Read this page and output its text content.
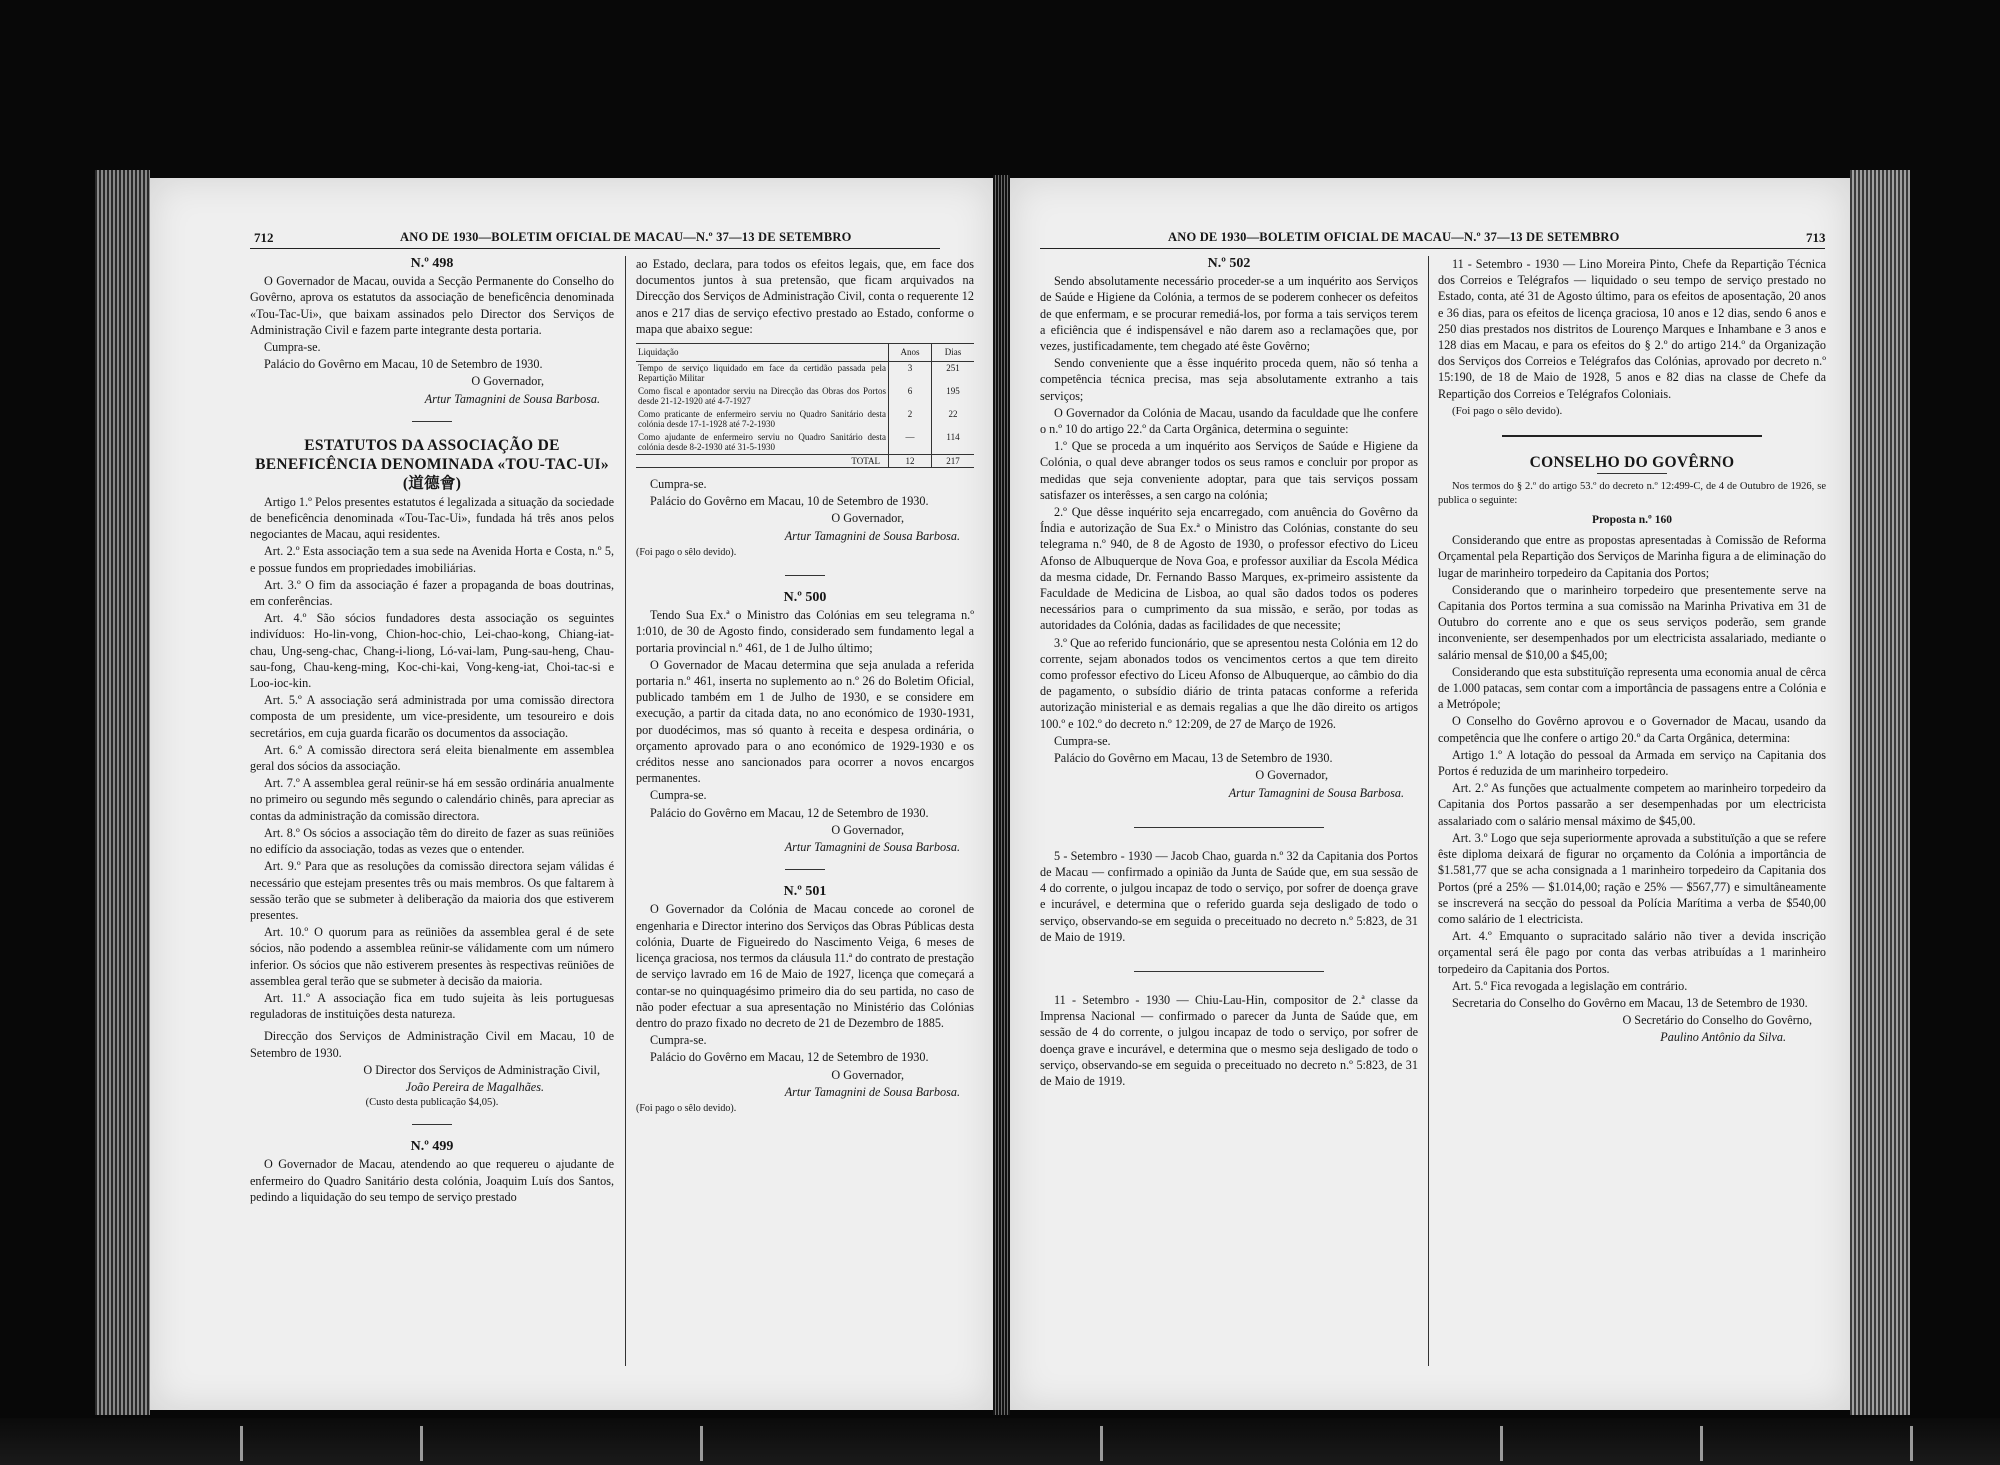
712	ANO DE 1930—BOLETIM OFICIAL DE MACAU—N.º 37—13 DE SETEMBRO

N.º 498

O Governador de Macau, ouvida a Secção Permanente do Conselho do Govêrno, aprova os estatutos da associação de beneficência denominada «Tou-Tac-Ui», que baixam assinados pelo Director dos Serviços de Administração Civil e fazem parte integrante desta portaria.

Cumpra-se.

Palácio do Govêrno em Macau, 10 de Setembro de 1930.

O Governador,

Artur Tamagnini de Sousa Barbosa.

ESTATUTOS DA ASSOCIAÇÃO DE BENEFICÊNCIA DENOMINADA «TOU-TAC-UI» (道德會)

Artigo 1.º Pelos presentes estatutos é legalizada a situação da sociedade de beneficência denominada «Tou-Tac-Ui», fundada há três anos pelos negociantes de Macau, aqui residentes.

Art. 2.º Esta associação tem a sua sede na Avenida Horta e Costa, n.º 5, e possue fundos em propriedades imobiliárias.

Art. 3.º O fim da associação é fazer a propaganda de boas doutrinas, em conferências.

Art. 4.º São sócios fundadores desta associação os seguintes indivíduos: Ho-lin-vong, Chion-hoc-chio, Lei-chao-kong, Chiang-iat-chau, Ung-seng-chac, Chang-i-liong, Ló-vai-lam, Pung-sau-heng, Chau-sau-fong, Chau-keng-ming, Koc-chi-kai, Vong-keng-iat, Choi-tac-si e Loo-ioc-kin.

Art. 5.º A associação será administrada por uma comissão directora composta de um presidente, um vice-presidente, um tesoureiro e dois secretários, em cuja guarda ficarão os documentos da associação.

Art. 6.º A comissão directora será eleita bienalmente em assemblea geral dos sócios da associação.

Art. 7.º A assemblea geral reünir-se há em sessão ordinária anualmente no primeiro ou segundo mês segundo o calendário chinês, para apreciar as contas da administração da comissão directora.

Art. 8.º Os sócios a associação têm do direito de fazer as suas reüniões no edifício da associação, todas as vezes que o entender.

Art. 9.º Para que as resoluções da comissão directora sejam válidas é necessário que estejam presentes três ou mais membros. Os que faltarem à sessão terão que se submeter à deliberação da maioria dos que estiverem presentes.

Art. 10.º O quorum para as reüniões da assemblea geral é de sete sócios, não podendo a assemblea reünir-se válidamente com um número inferior. Os sócios que não estiverem presentes às respectivas reüniões de assemblea geral terão que se submeter à decisão da maioria.

Art. 11.º A associação fica em tudo sujeita às leis portuguesas reguladoras de instituições desta natureza.

Direcção dos Serviços de Administração Civil em Macau, 10 de Setembro de 1930.

O Director dos Serviços de Administração Civil,

João Pereira de Magalhães.

(Custo desta publicação $4,05).

N.º 499

O Governador de Macau, atendendo ao que requereu o ajudante de enfermeiro do Quadro Sanitário desta colónia, Joaquim Luís dos Santos, pedindo a liquidação do seu tempo de serviço prestado

ao Estado, declara, para todos os efeitos legais, que, em face dos documentos juntos à sua pretensão, que ficam arquivados na Direcção dos Serviços de Administração Civil, conta o requerente 12 anos e 217 dias de serviço efectivo prestado ao Estado, conforme o mapa que abaixo segue:

Liquidação	Anos	Dias
Tempo de serviço liquidado em face da certidão passada pela Repartição Militar	3	251
Como fiscal e apontador serviu na Direcção das Obras dos Portos desde 21-12-1920 até 4-7-1927	6	195
Como praticante de enfermeiro serviu no Quadro Sanitário desta colónia desde 17-1-1928 até 7-2-1930	2	22
Como ajudante de enfermeiro serviu no Quadro Sanitário desta colónia desde 8-2-1930 até 31-5-1930	—	114
TOTAL	12	217

Cumpra-se.

Palácio do Govêrno em Macau, 10 de Setembro de 1930.

O Governador,

Artur Tamagnini de Sousa Barbosa.

(Foi pago o sêlo devido).

N.º 500

Tendo Sua Ex.ª o Ministro das Colónias em seu telegrama n.º 1:010, de 30 de Agosto findo, considerado sem fundamento legal a portaria provincial n.º 461, de 1 de Julho último;

O Governador de Macau determina que seja anulada a referida portaria n.º 461, inserta no suplemento ao n.º 26 do Boletim Oficial, publicado também em 1 de Julho de 1930, e se considere em execução, a partir da citada data, no ano económico de 1930-1931, por duodécimos, mas só quanto à receita e despesa ordinária, o orçamento aprovado para o ano económico de 1929-1930 e os créditos nesse ano sancionados para ocorrer a novos encargos permanentes.

Cumpra-se.

Palácio do Govêrno em Macau, 12 de Setembro de 1930.

O Governador,

Artur Tamagnini de Sousa Barbosa.

N.º 501

O Governador da Colónia de Macau concede ao coronel de engenharia e Director interino dos Serviços das Obras Públicas desta colónia, Duarte de Figueiredo do Nascimento Veiga, 6 meses de licença graciosa, nos termos da cláusula 11.ª do contrato de prestação de serviço lavrado em 16 de Maio de 1927, licença que começará a contar-se no quinquagésimo primeiro dia do seu partida, no caso de não poder efectuar a sua apresentação no Ministério das Colónias dentro do prazo fixado no decreto de 21 de Dezembro de 1885.

Cumpra-se.

Palácio do Govêrno em Macau, 12 de Setembro de 1930.

O Governador,

Artur Tamagnini de Sousa Barbosa.

(Foi pago o sêlo devido).

ANO DE 1930—BOLETIM OFICIAL DE MACAU—N.º 37—13 DE SETEMBRO	713

N.º 502

Sendo absolutamente necessário proceder-se a um inquérito aos Serviços de Saúde e Higiene da Colónia, a termos de se poderem conhecer os defeitos de que enfermam, e se procurar remediá-los, por forma a tais serviços terem a eficiência que é indispensável e não darem aso a reclamações que, por vezes, justificadamente, tem chegado até êste Govêrno;

Sendo conveniente que a êsse inquérito proceda quem, não só tenha a competência técnica precisa, mas seja absolutamente extranho a tais serviços;

O Governador da Colónia de Macau, usando da faculdade que lhe confere o n.º 10 do artigo 22.º da Carta Orgânica, determina o seguinte:

1.º Que se proceda a um inquérito aos Serviços de Saúde e Higiene da Colónia, o qual deve abranger todos os seus ramos e concluir por propor as medidas que seja conveniente adoptar, para que tais serviços possam satisfazer os interêsses, a sen cargo na colónia;

2.º Que dêsse inquérito seja encarregado, com anuência do Govêrno da Índia e autorização de Sua Ex.ª o Ministro das Colónias, constante do seu telegrama n.º 940, de 8 de Agosto de 1930, o professor efectivo do Liceu Afonso de Albuquerque de Nova Goa, e professor auxiliar da Escola Médica da mesma cidade, Dr. Fernando Basso Marques, ex-primeiro assistente da Faculdade de Medicina de Lisboa, ao qual são dados todos os poderes necessários para o cumprimento da sua missão, e serão, por todas as autoridades da Colónia, dadas as facilidades de que necessite;

3.º Que ao referido funcionário, que se apresentou nesta Colónia em 12 do corrente, sejam abonados todos os vencimentos certos a que tem direito como professor efectivo do Liceu Afonso de Albuquerque, ao câmbio do dia de pagamento, o subsídio diário de trinta patacas conforme a referida autorização ministerial e as demais regalias a que lhe dão direito os artigos 100.º e 102.º do decreto n.º 12:209, de 27 de Março de 1926.

Cumpra-se.

Palácio do Govêrno em Macau, 13 de Setembro de 1930.

O Governador,

Artur Tamagnini de Sousa Barbosa.

5 - Setembro - 1930 — Jacob Chao, guarda n.º 32 da Capitania dos Portos de Macau — confirmado a opinião da Junta de Saúde que, em sua sessão de 4 do corrente, o julgou incapaz de todo o serviço, por sofrer de doença grave e incurável, e determina que o referido guarda seja desligado de todo o serviço, observando-se em seguida o preceituado no decreto n.º 5:823, de 31 de Maio de 1919.

11 - Setembro - 1930 — Chiu-Lau-Hin, compositor de 2.ª classe da Imprensa Nacional — confirmado o parecer da Junta de Saúde que, em sessão de 4 do corrente, o julgou incapaz de todo o serviço, por sofrer de doença grave e incurável, e determina que o mesmo seja desligado de todo o serviço, observando-se em seguida o preceituado no decreto n.º 5:823, de 31 de Maio de 1919.

11 - Setembro - 1930 — Lino Moreira Pinto, Chefe da Repartição Técnica dos Correios e Telégrafos — liquidado o seu tempo de serviço prestado no Estado, conta, até 31 de Agosto último, para os efeitos de aposentação, 20 anos e 36 dias, para os efeitos de licença graciosa, 10 anos e 12 dias, sendo 6 anos e 250 dias prestados nos distritos de Lourenço Marques e Inhambane e 3 anos e 128 dias em Macau, e para os efeitos do § 2.º do artigo 214.º da Organização dos Serviços dos Correios e Telégrafos das Colónias, aprovado por decreto n.º 15:190, de 18 de Maio de 1928, 5 anos e 82 dias na classe de Chefe da Repartição dos Correios e Telégrafos Coloniais.

(Foi pago o sêlo devido).

CONSELHO DO GOVÊRNO

Nos termos do § 2.º do artigo 53.º do decreto n.º 12:499-C, de 4 de Outubro de 1926, se publica o seguinte:

Proposta n.º 160

Considerando que entre as propostas apresentadas à Comissão de Reforma Orçamental pela Repartição dos Serviços de Marinha figura a de eliminação do lugar de marinheiro torpedeiro da Capitania dos Portos;

Considerando que o marinheiro torpedeiro que presentemente serve na Capitania dos Portos termina a sua comissão na Marinha Privativa em 31 de Outubro do corrente ano e que os seus serviços poderão, sem grande inconveniente, ser desempenhados por um electricista assalariado, mediante o salário mensal de $10,00 a $45,00;

Considerando que esta substituïção representa uma economia anual de cêrca de 1.000 patacas, sem contar com a importância de passagens entre a Colónia e a Metrópole;

O Conselho do Govêrno aprovou e o Governador de Macau, usando da competência que lhe confere o artigo 20.º da Carta Orgânica, determina:

Artigo 1.º A lotação do pessoal da Armada em serviço na Capitania dos Portos é reduzida de um marinheiro torpedeiro.

Art. 2.º As funções que actualmente competem ao marinheiro torpedeiro da Capitania dos Portos passarão a ser desempenhadas por um electricista assalariado com o salário mensal máximo de $45,00.

Art. 3.º Logo que seja superiormente aprovada a substituïção a que se refere êste diploma deixará de figurar no orçamento da Colónia a importância de $1.581,77 que se acha consignada a 1 marinheiro torpedeiro da Capitania dos Portos (pré a 25% — $1.014,00; ração e 25% — $567,77) e simultâneamente se inscreverá na secção do pessoal da Polícia Marítima a verba de $540,00 como salário de 1 electricista.

Art. 4.º Emquanto o supracitado salário não tiver a devida inscrição orçamental será êle pago por conta das verbas atribuídas a 1 marinheiro torpedeiro da Capitania dos Portos.

Art. 5.º Fica revogada a legislação em contrário.

Secretaria do Conselho do Govêrno em Macau, 13 de Setembro de 1930.

O Secretário do Conselho do Govêrno,

Paulino Antônio da Silva.
